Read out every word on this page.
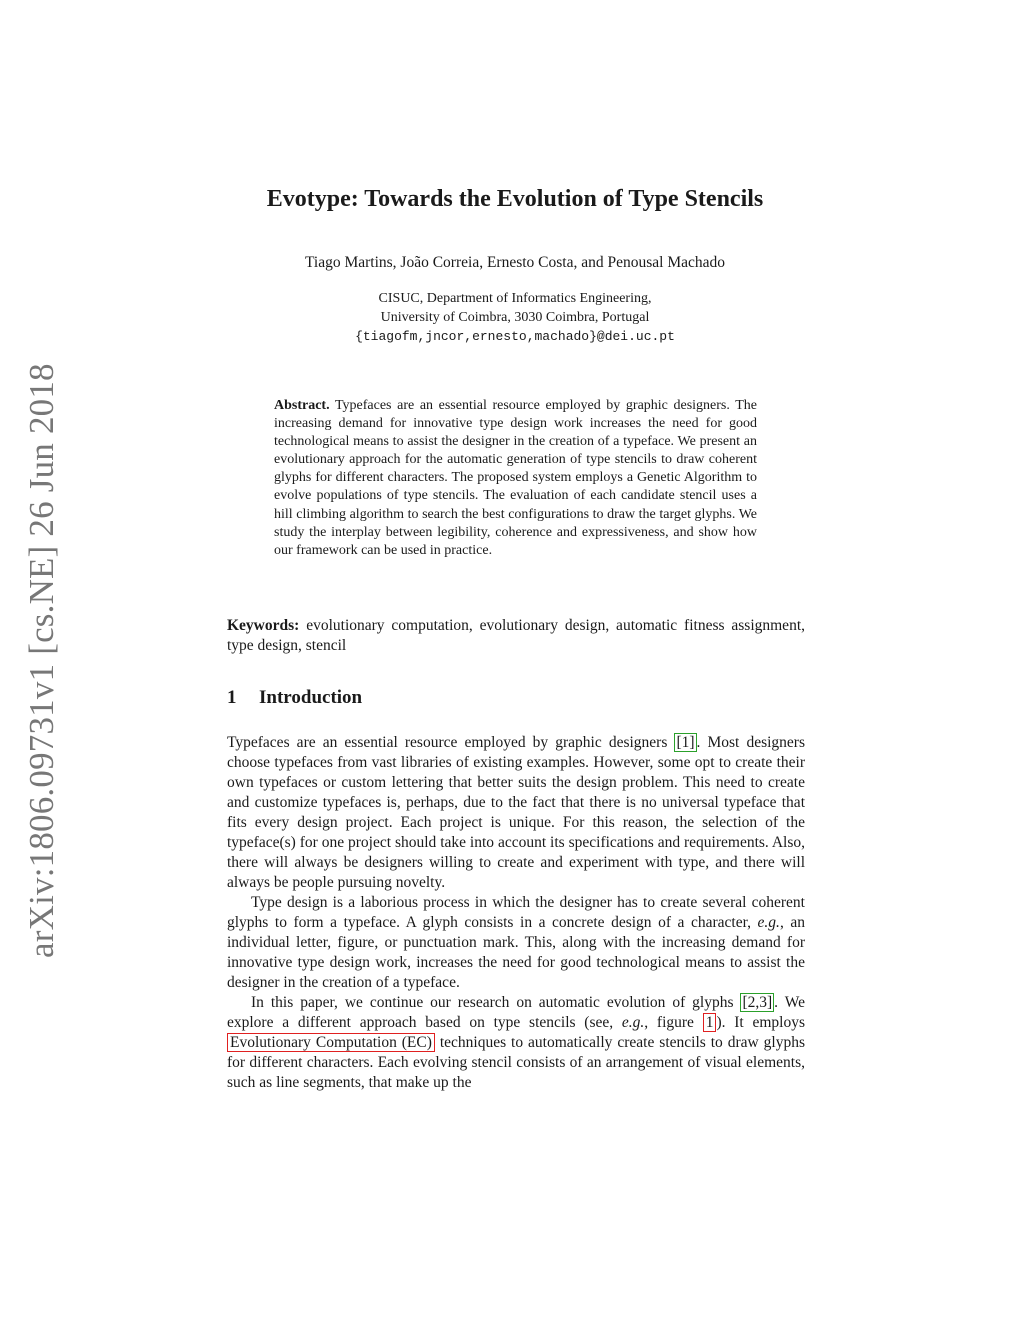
arXiv:1806.09731v1 [cs.NE] 26 Jun 2018
Evotype: Towards the Evolution of Type Stencils
Tiago Martins, João Correia, Ernesto Costa, and Penousal Machado
CISUC, Department of Informatics Engineering,
University of Coimbra, 3030 Coimbra, Portugal
{tiagofm,jncor,ernesto,machado}@dei.uc.pt
Abstract. Typefaces are an essential resource employed by graphic designers. The increasing demand for innovative type design work increases the need for good technological means to assist the designer in the creation of a typeface. We present an evolutionary approach for the automatic generation of type stencils to draw coherent glyphs for different characters. The proposed system employs a Genetic Algorithm to evolve populations of type stencils. The evaluation of each candidate stencil uses a hill climbing algorithm to search the best configurations to draw the target glyphs. We study the interplay between legibility, coherence and expressiveness, and show how our framework can be used in practice.
Keywords: evolutionary computation, evolutionary design, automatic fitness assignment, type design, stencil
1 Introduction

Typefaces are an essential resource employed by graphic designers [1] . Most designers choose typefaces from vast libraries of existing examples. However, some opt to create their own typefaces or custom lettering that better suits the design problem. This need to create and customize typefaces is, perhaps, due to the fact that there is no universal typeface that fits every design project. Each project is unique. For this reason, the selection of the typeface(s) for one project should take into account its specifications and requirements. Also, there will always be designers willing to create and experiment with type, and there will always be people pursuing novelty.

Type design is a laborious process in which the designer has to create several coherent glyphs to form a typeface. A glyph consists in a concrete design of a character, e.g., an individual letter, figure, or punctuation mark. This, along with the increasing demand for innovative type design work, increases the need for good technological means to assist the designer in the creation of a typeface.

In this paper, we continue our research on automatic evolution of glyphs [2,3] . We explore a different approach based on type stencils (see, e.g., figure 1 ). It employs Evolutionary Computation (EC) techniques to automatically create stencils to draw glyphs for different characters. Each evolving stencil consists of an arrangement of visual elements, such as line segments, that make up the
